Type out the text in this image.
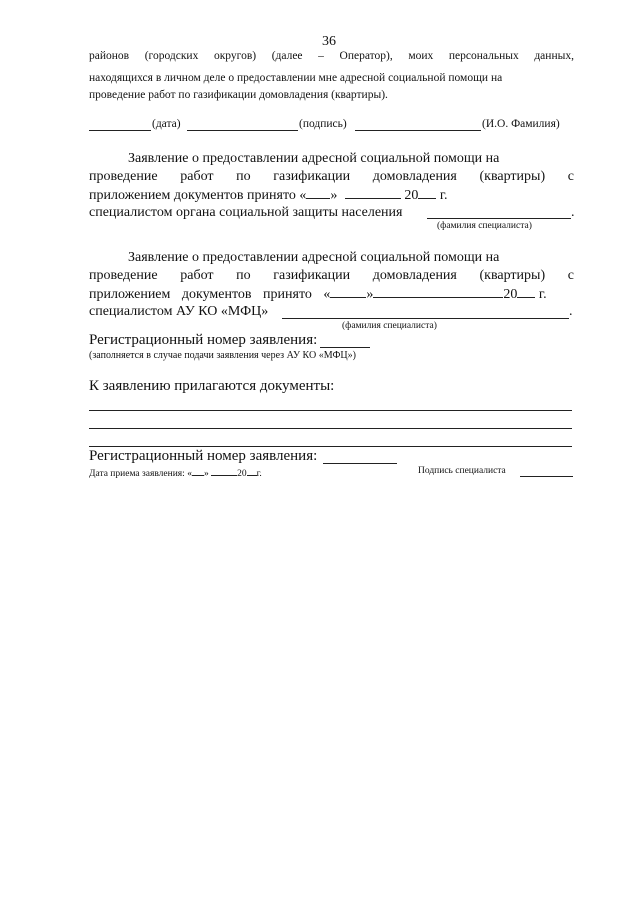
36
районов (городских округов) (далее – Оператор), моих персональных данных,
находящихся в личном деле о предоставлении мне адресной социальной помощи на
проведение работ по газификации домовладения (квартиры).
(дата)	(подпись)	(И.О. Фамилия)
Заявление о предоставлении адресной социальной помощи на
проведение работ по газификации домовладения (квартиры) с
приложением документов принято « »	20 г.
специалистом органа социальной защиты населения	.
(фамилия специалиста)
Заявление о предоставлении адресной социальной помощи на
проведение работ по газификации домовладения (квартиры) с
приложением документов принято «	»	20 г.
специалистом АУ КО «МФЦ»	.
(фамилия специалиста)
Регистрационный номер заявления:
(заполняется в случае подачи заявления через АУ КО «МФЦ»)
К заявлению прилагаются документы:
Регистрационный номер заявления:
Дата приема заявления: « »	20 г.	Подпись специалиста
